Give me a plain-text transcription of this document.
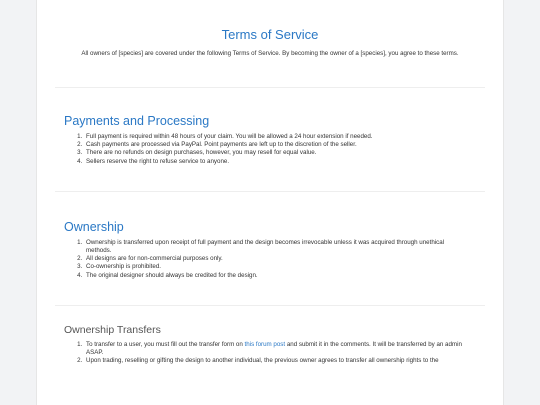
Terms of Service

All owners of [species] are covered under the following Terms of Service. By becoming the owner of a [species], you agree to these terms.

Payments and Processing
1. Full payment is required within 48 hours of your claim. You will be allowed a 24 hour extension if needed.
2. Cash payments are processed via PayPal. Point payments are left up to the discretion of the seller.
3. There are no refunds on design purchases, however, you may resell for equal value.
4. Sellers reserve the right to refuse service to anyone.
Ownership
1. Ownership is transferred upon receipt of full payment and the design becomes irrevocable unless it was acquired through unethical methods.
2. All designs are for non-commercial purposes only.
3. Co-ownership is prohibited.
4. The original designer should always be credited for the design.
Ownership Transfers
1. To transfer to a user, you must fill out the transfer form on this forum post and submit it in the comments. It will be transferred by an admin ASAP.
2. Upon trading, reselling or gifting the design to another individual, the previous owner agrees to transfer all ownership rights to the
